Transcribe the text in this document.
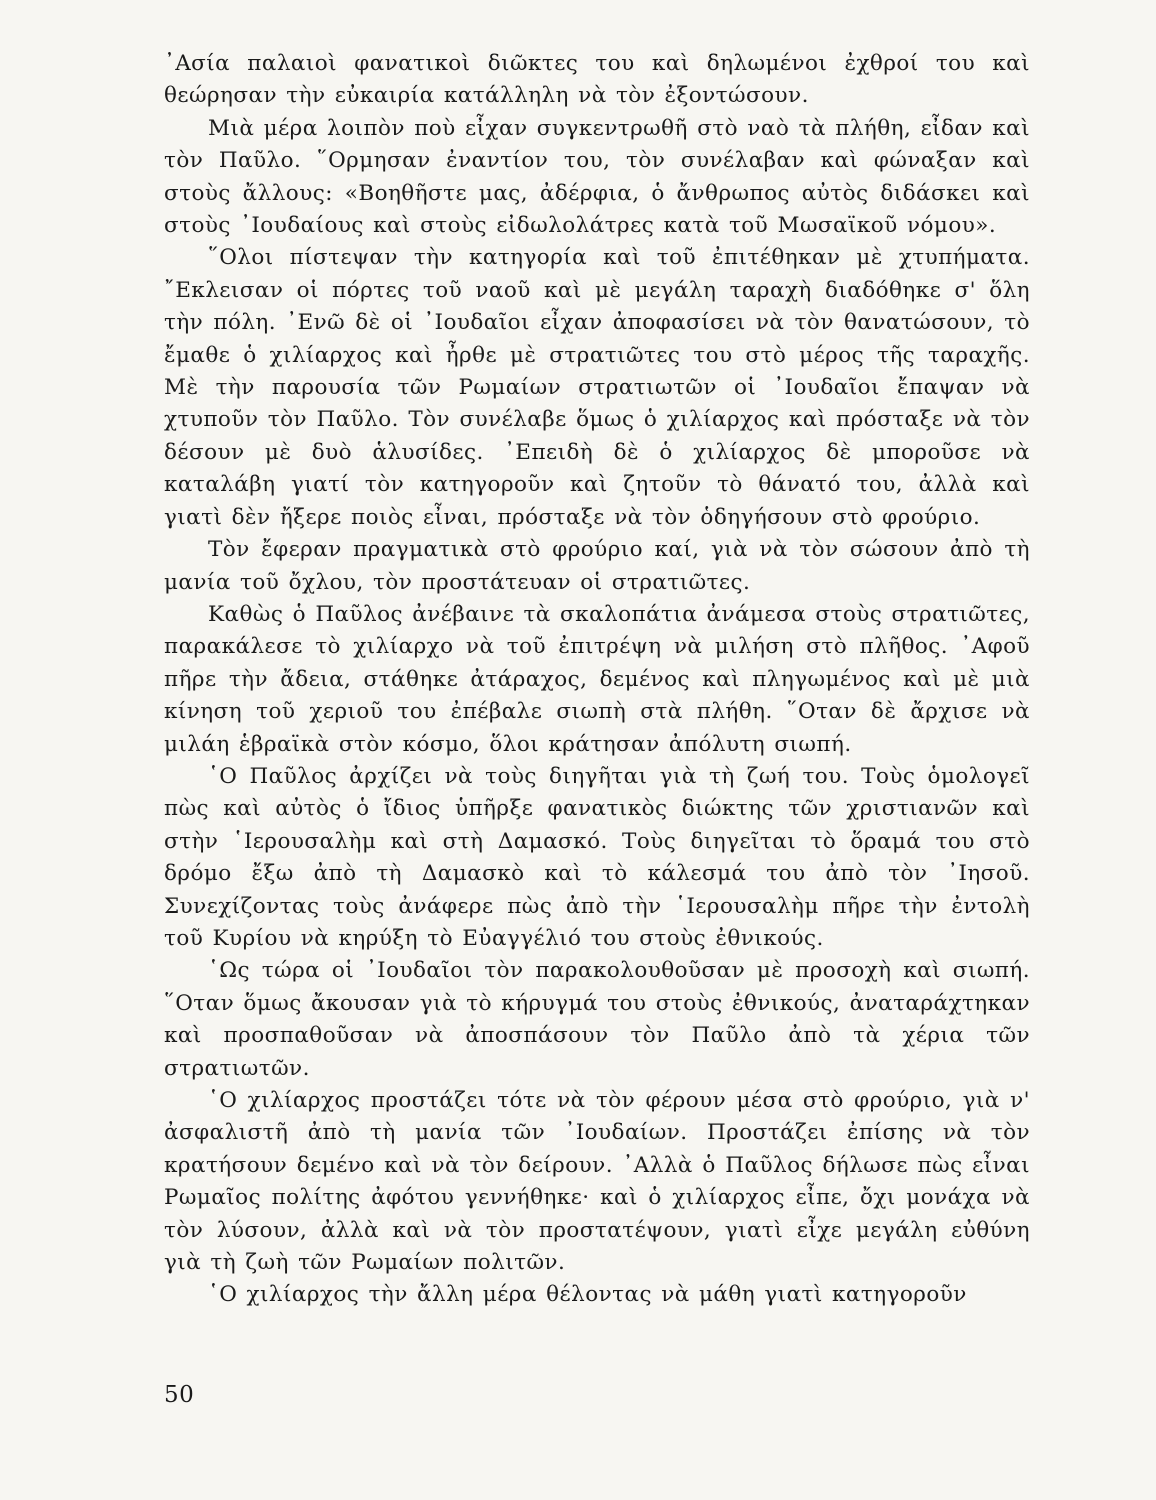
᾿Ασία παλαιοὶ φανατικοὶ διῶκτες του καὶ δηλωμένοι ἐχθροί του καὶ θεώρησαν τὴν εὐκαιρία κατάλληλη νὰ τὸν ἐξοντώσουν.

Μιὰ μέρα λοιπὸν ποὺ εἶχαν συγκεντρωθῆ στὸ ναὸ τὰ πλήθη, εἶδαν καὶ τὸν Παῦλο. ῞Ορμησαν ἐναντίον του, τὸν συνέλαβαν καὶ φώναξαν καὶ στοὺς ἄλλους: «Βοηθῆστε μας, ἀδέρφια, ὁ ἄνθρωπος αὐτὸς διδάσκει καὶ στοὺς ᾿Ιουδαίους καὶ στοὺς εἰδωλολάτρες κατὰ τοῦ Μωσαϊκοῦ νόμου».

῞Ολοι πίστεψαν τὴν κατηγορία καὶ τοῦ ἐπιτέθηκαν μὲ χτυπήματα. ῎Εκλεισαν οἱ πόρτες τοῦ ναοῦ καὶ μὲ μεγάλη ταραχὴ διαδόθηκε σ' ὅλη τὴν πόλη. ᾿Ενῶ δὲ οἱ ᾿Ιουδαῖοι εἶχαν ἀποφασίσει νὰ τὸν θανατώσουν, τὸ ἔμαθε ὁ χιλίαρχος καὶ ἦρθε μὲ στρατιῶτες του στὸ μέρος τῆς ταραχῆς. Μὲ τὴν παρουσία τῶν Ρωμαίων στρατιωτῶν οἱ ᾿Ιουδαῖοι ἔπαψαν νὰ χτυποῦν τὸν Παῦλο. Τὸν συνέλαβε ὅμως ὁ χιλίαρχος καὶ πρόσταξε νὰ τὸν δέσουν μὲ δυὸ ἁλυσίδες. ᾿Επειδὴ δὲ ὁ χιλίαρχος δὲ μποροῦσε νὰ καταλάβη γιατί τὸν κατηγοροῦν καὶ ζητοῦν τὸ θάνατό του, ἀλλὰ καὶ γιατὶ δὲν ἤξερε ποιὸς εἶναι, πρόσταξε νὰ τὸν ὁδηγήσουν στὸ φρούριο.

Τὸν ἔφεραν πραγματικὰ στὸ φρούριο καί, γιὰ νὰ τὸν σώσουν ἀπὸ τὴ μανία τοῦ ὄχλου, τὸν προστάτευαν οἱ στρατιῶτες.

Καθὼς ὁ Παῦλος ἀνέβαινε τὰ σκαλοπάτια ἀνάμεσα στοὺς στρατιῶτες, παρακάλεσε τὸ χιλίαρχο νὰ τοῦ ἐπιτρέψη νὰ μιλήση στὸ πλῆθος. ᾿Αφοῦ πῆρε τὴν ἄδεια, στάθηκε ἀτάραχος, δεμένος καὶ πληγωμένος καὶ μὲ μιὰ κίνηση τοῦ χεριοῦ του ἐπέβαλε σιωπὴ στὰ πλήθη. ῞Οταν δὲ ἄρχισε νὰ μιλάη ἑβραϊκὰ στὸν κόσμο, ὅλοι κράτησαν ἀπόλυτη σιωπή.

῾Ο Παῦλος ἀρχίζει νὰ τοὺς διηγῆται γιὰ τὴ ζωή του. Τοὺς ὁμολογεῖ πὼς καὶ αὐτὸς ὁ ἴδιος ὑπῆρξε φανατικὸς διώκτης τῶν χριστιανῶν καὶ στὴν ῾Ιερουσαλὴμ καὶ στὴ Δαμασκό. Τοὺς διηγεῖται τὸ ὅραμά του στὸ δρόμο ἔξω ἀπὸ τὴ Δαμασκὸ καὶ τὸ κάλεσμά του ἀπὸ τὸν ᾿Ιησοῦ. Συνεχίζοντας τοὺς ἀνάφερε πὼς ἀπὸ τὴν ῾Ιερουσαλὴμ πῆρε τὴν ἐντολὴ τοῦ Κυρίου νὰ κηρύξη τὸ Εὐαγγέλιό του στοὺς ἐθνικούς.

῾Ως τώρα οἱ ᾿Ιουδαῖοι τὸν παρακολουθοῦσαν μὲ προσοχὴ καὶ σιωπή. ῞Οταν ὅμως ἄκουσαν γιὰ τὸ κήρυγμά του στοὺς ἐθνικούς, ἀναταράχτηκαν καὶ προσπαθοῦσαν νὰ ἀποσπάσουν τὸν Παῦλο ἀπὸ τὰ χέρια τῶν στρατιωτῶν.

῾Ο χιλίαρχος προστάζει τότε νὰ τὸν φέρουν μέσα στὸ φρούριο, γιὰ ν' ἀσφαλιστῆ ἀπὸ τὴ μανία τῶν ᾿Ιουδαίων. Προστάζει ἐπίσης νὰ τὸν κρατήσουν δεμένο καὶ νὰ τὸν δείρουν. ᾿Αλλὰ ὁ Παῦλος δήλωσε πὼς εἶναι Ρωμαῖος πολίτης ἀφότου γεννήθηκε· καὶ ὁ χιλίαρχος εἶπε, ὄχι μονάχα νὰ τὸν λύσουν, ἀλλὰ καὶ νὰ τὸν προστατέψουν, γιατὶ εἶχε μεγάλη εὐθύνη γιὰ τὴ ζωὴ τῶν Ρωμαίων πολιτῶν.

῾Ο χιλίαρχος τὴν ἄλλη μέρα θέλοντας νὰ μάθη γιατὶ κατηγοροῦν

50
